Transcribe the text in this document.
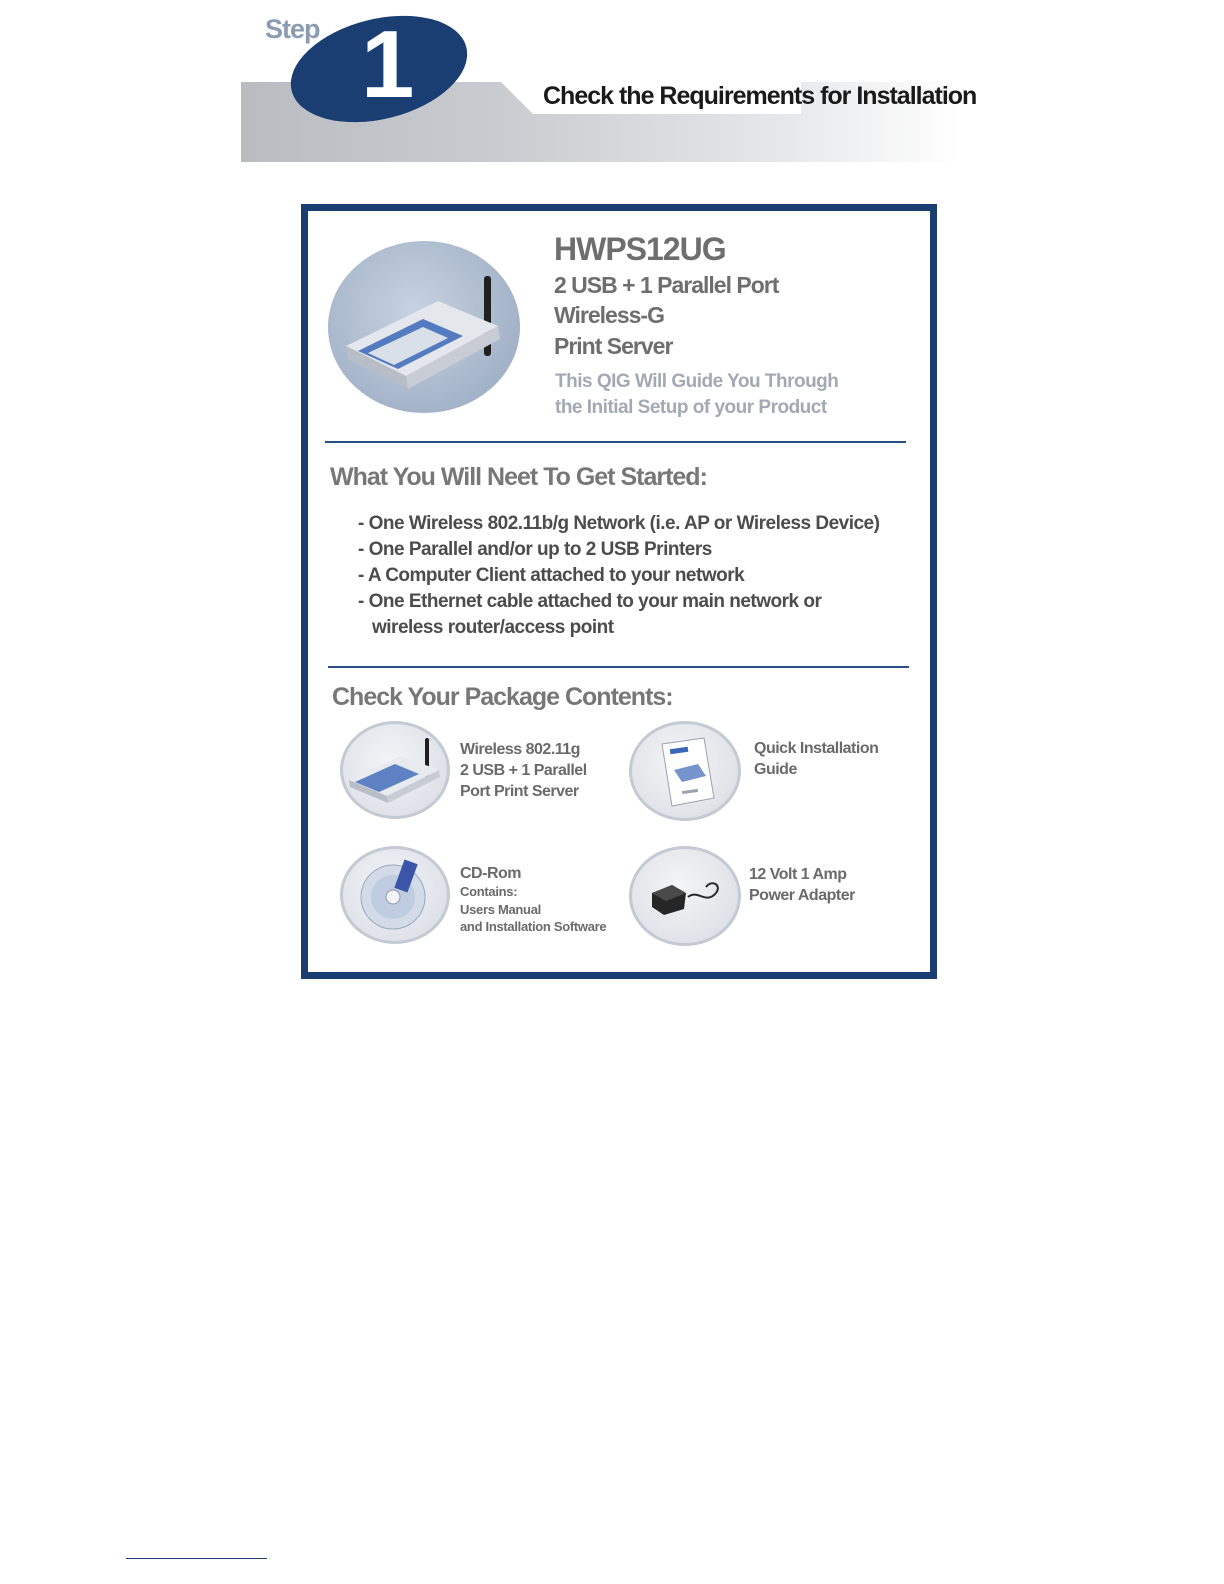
Step 1	Check the Requirements for Installation
HWPS12UG
2 USB + 1 Parallel Port
Wireless-G
Print Server
This QIG Will Guide You Through
the Initial Setup of your Product
What You Will Neet To Get Started:
- One Wireless 802.11b/g Network (i.e. AP or Wireless Device)
- One Parallel and/or up to 2 USB Printers
- A Computer Client attached to your network
- One Ethernet cable attached to your main network or
wireless router/access point
Check Your Package Contents:
Wireless 802.11g
2 USB + 1 Parallel
Port Print Server
Quick Installation
Guide
CD-Rom
Contains:
Users Manual
and Installation Software
12 Volt 1 Amp
Power Adapter
